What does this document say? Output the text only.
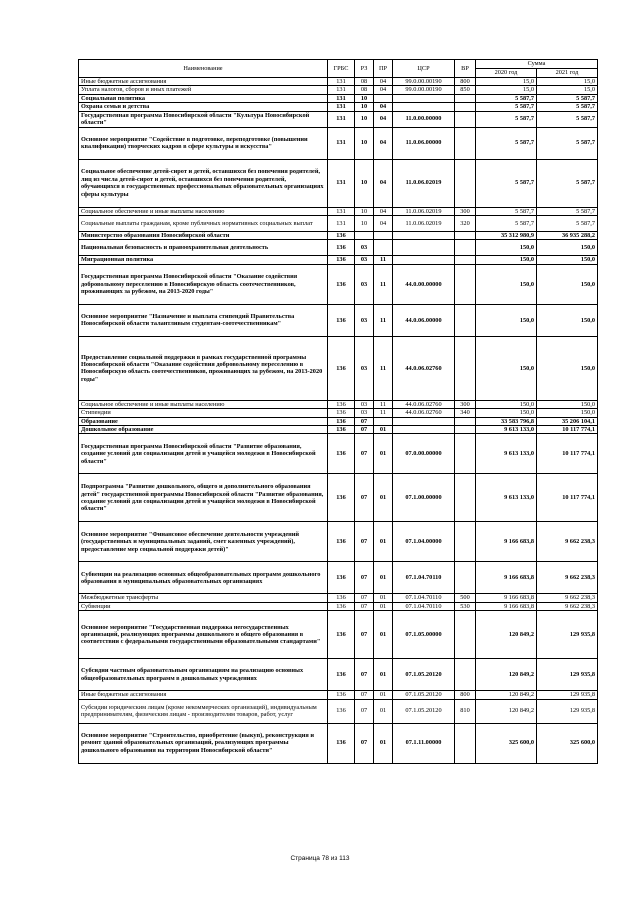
Наименование	ГРБС	РЗ	ПР	ЦСР	ВР	Сумма	
						2020 год	2021 год
Иные бюджетные ассигнования	131	08	04	99.0.00.00190	800	15,0	15,0
Уплата налогов, сборов и иных платежей	131	08	04	99.0.00.00190	850	15,0	15,0
Социальная политика	131	10				5 587,7	5 587,7
Охрана семьи и детства	131	10	04			5 587,7	5 587,7
Государственная программа Новосибирской области "Культура Новосибирской области"	131	10	04	11.0.00.00000		5 587,7	5 587,7
Основное мероприятие "Содействие в подготовке, переподготовке (повышении квалификации) творческих кадров в сфере культуры и искусства"	131	10	04	11.0.06.00000		5 587,7	5 587,7
Социальное обеспечение детей-сирот и детей, оставшихся без попечения родителей, лиц из числа детей-сирот и детей, оставшихся без попечения родителей, обучающихся в государственных профессиональных образовательных организациях сферы культуры	131	10	04	11.0.06.02019		5 587,7	5 587,7
Социальное обеспечение и иные выплаты населению	131	10	04	11.0.06.02019	300	5 587,7	5 587,7
Социальные выплаты гражданам, кроме публичных нормативных социальных выплат	131	10	04	11.0.06.02019	320	5 587,7	5 587,7
Министерство образования Новосибирской области	136					35 312 980,9	36 935 288,2
Национальная безопасность и правоохранительная деятельность	136	03				150,0	150,0
Миграционная политика	136	03	11			150,0	150,0
Государственная программа Новосибирской области "Оказание содействия добровольному переселению в Новосибирскую область соотечественников, проживающих за рубежом, на 2013-2020 годы"	136	03	11	44.0.00.00000		150,0	150,0
Основное мероприятие "Назначение и выплата стипендий Правительства Новосибирской области талантливым студентам-соотечественникам"	136	03	11	44.0.06.00000		150,0	150,0
Предоставление социальной поддержки в рамках государственной программы Новосибирской области "Оказание содействия добровольному переселению в Новосибирскую область соотечественников, проживающих за рубежом, на 2013-2020 годы"	136	03	11	44.0.06.02760		150,0	150,0
Социальное обеспечение и иные выплаты населению	136	03	11	44.0.06.02760	300	150,0	150,0
Стипендии	136	03	11	44.0.06.02760	340	150,0	150,0
Образование	136	07				33 583 796,8	35 206 104,1
Дошкольное образование	136	07	01			9 613 133,0	10 117 774,1
Государственная программа Новосибирской области "Развитие образования, создание условий для социализации детей и учащейся молодежи в Новосибирской области"	136	07	01	07.0.00.00000		9 613 133,0	10 117 774,1
Подпрограмма "Развитие дошкольного, общего и дополнительного образования детей" государственной программы Новосибирской области "Развитие образования, создание условий для социализации детей и учащейся молодежи в Новосибирской области"	136	07	01	07.1.00.00000		9 613 133,0	10 117 774,1
Основное мероприятие "Финансовое обеспечение деятельности учреждений (государственных и муниципальных заданий, смет казенных учреждений), предоставление мер социальной поддержки детей)"	136	07	01	07.1.04.00000		9 166 683,8	9 662 238,3
Субвенции на реализацию основных общеобразовательных программ дошкольного образования в муниципальных образовательных организациях	136	07	01	07.1.04.70110		9 166 683,8	9 662 238,3
Межбюджетные трансферты	136	07	01	07.1.04.70110	500	9 166 683,8	9 662 238,3
Субвенции	136	07	01	07.1.04.70110	530	9 166 683,8	9 662 238,3
Основное мероприятие "Государственная поддержка негосударственных организаций, реализующих программы дошкольного и общего образования в соответствии с федеральными государственными образовательными стандартами"	136	07	01	07.1.05.00000		120 849,2	129 935,8
Субсидии частным образовательным организациям на реализацию основных общеобразовательных программ в дошкольных учреждениях	136	07	01	07.1.05.20120		120 849,2	129 935,8
Иные бюджетные ассигнования	136	07	01	07.1.05.20120	800	120 849,2	129 935,8
Субсидии юридическим лицам (кроме некоммерческих организаций), индивидуальным предпринимателям, физическим лицам - производителям товаров, работ, услуг	136	07	01	07.1.05.20120	810	120 849,2	129 935,8
Основное мероприятие "Строительство, приобретение (выкуп), реконструкция и ремонт зданий образовательных организаций, реализующих программы дошкольного образования на территории Новосибирской области"	136	07	01	07.1.11.00000		325 600,0	325 600,0
Страница 78 из 113
